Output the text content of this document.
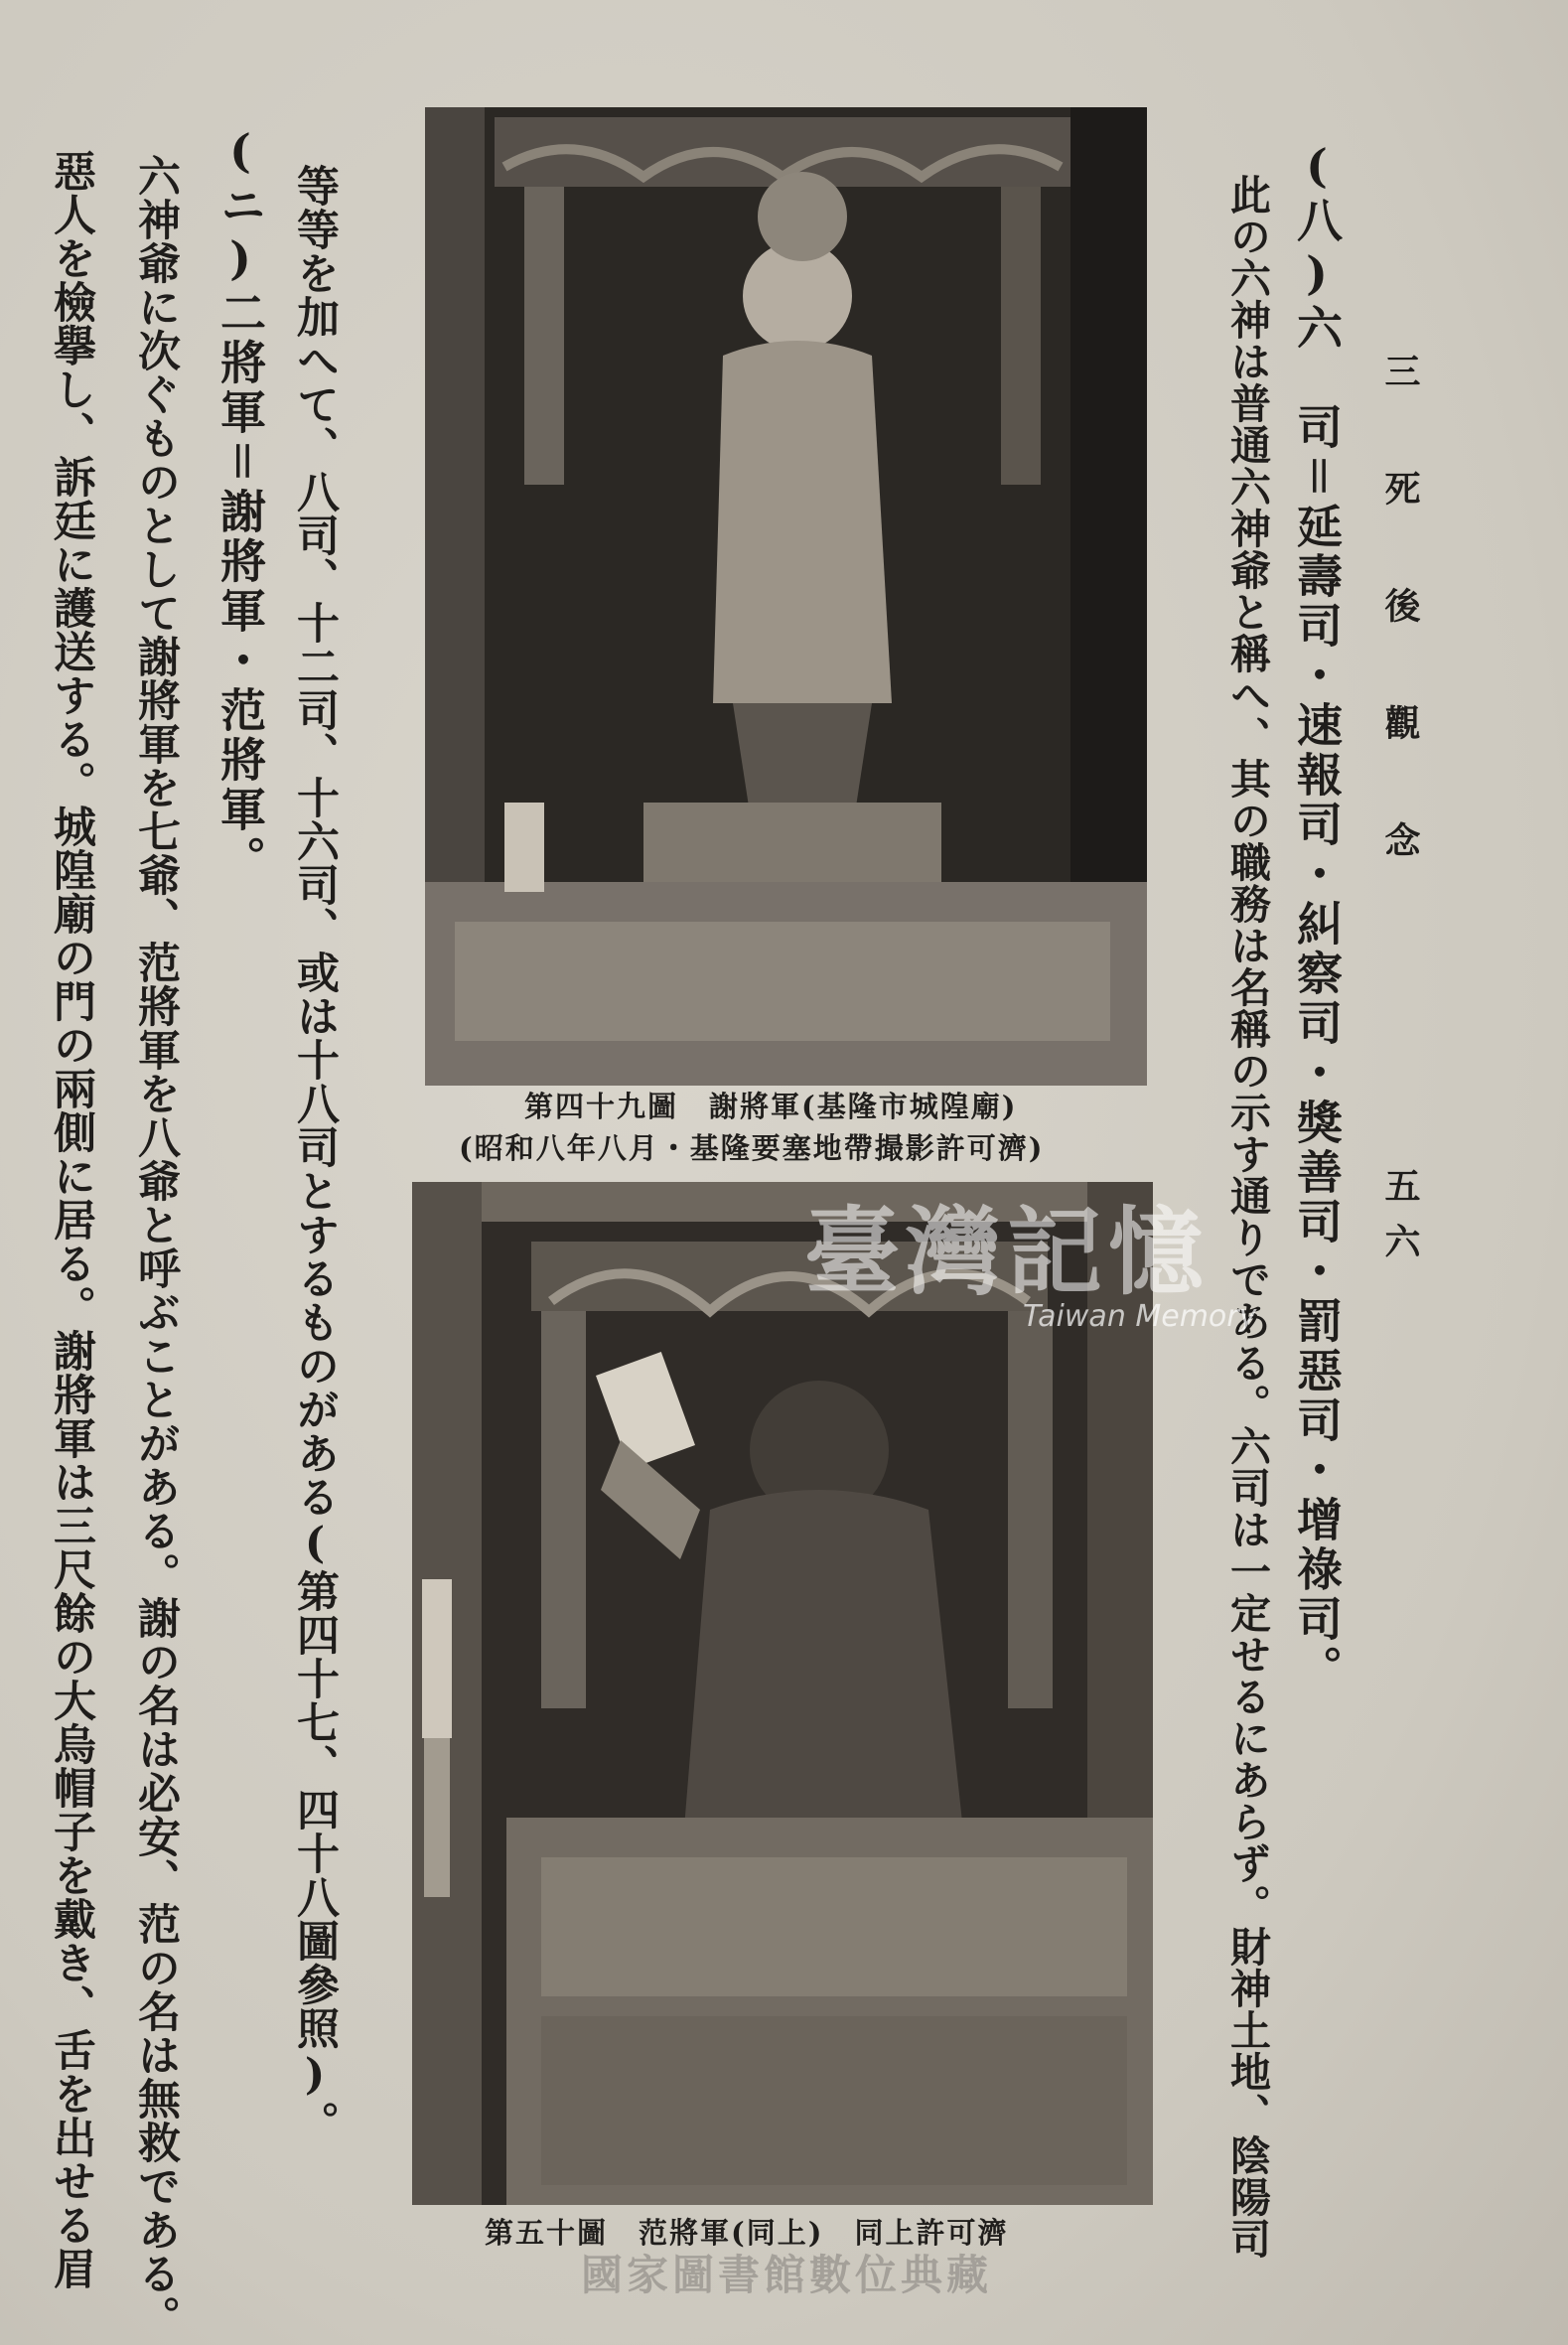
三 死 後 觀 念
五六
(八)六　司＝延壽司・速報司・糾察司・獎善司・罰惡司・增祿司。
此の六神は普通六神爺と稱へ、其の職務は名稱の示す通りである。六司は一定せるにあらず。財神土地、陰陽司
第四十九圖　謝將軍(基隆市城隍廟)
(昭和八年八月・基隆要塞地帶撮影許可濟)
臺灣記憶
Taiwan Memory
第五十圖　范將軍(同上)　同上許可濟
等等を加へて、八司、十二司、十六司、或は十八司とするものがある(第四十七、四十八圖參照)。
(ニ)二將軍＝謝將軍・范將軍。
六神爺に次ぐものとして謝將軍を七爺、范將軍を八爺と呼ぶことがある。謝の名は必安、范の名は無救である。
惡人を檢擧し、訴廷に護送する。城隍廟の門の兩側に居る。謝將軍は三尺餘の大烏帽子を戴き、舌を出せる眉	國家圖書館數位典藏
